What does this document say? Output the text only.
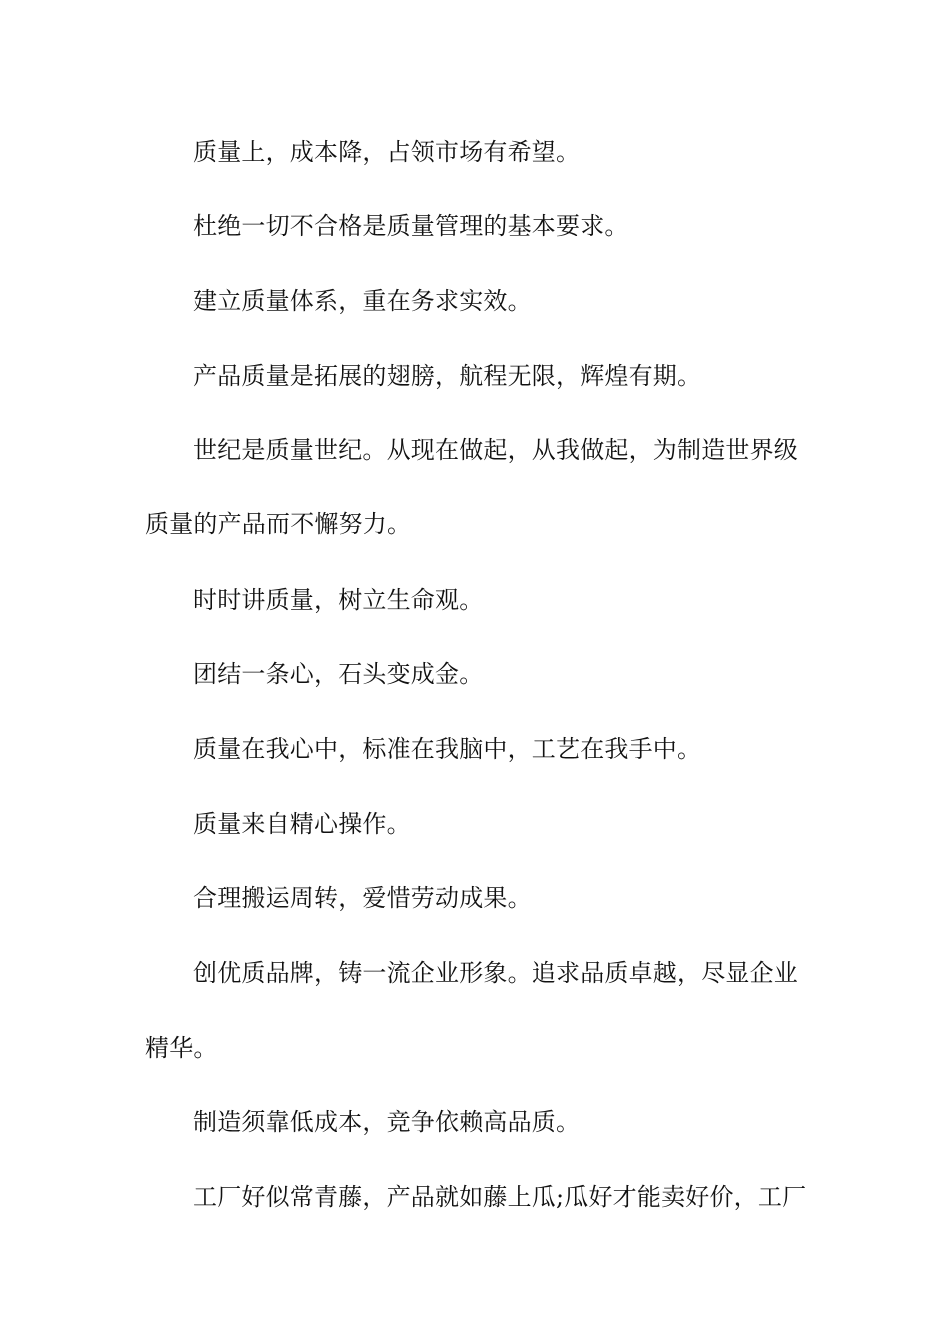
质量上，成本降，占领市场有希望。
杜绝一切不合格是质量管理的基本要求。
建立质量体系，重在务求实效。
产品质量是拓展的翅膀，航程无限，辉煌有期。
世纪是质量世纪。从现在做起，从我做起，为制造世界级
质量的产品而不懈努力。
时时讲质量，树立生命观。
团结一条心，石头变成金。
质量在我心中，标准在我脑中，工艺在我手中。
质量来自精心操作。
合理搬运周转，爱惜劳动成果。
创优质品牌，铸一流企业形象。追求品质卓越，尽显企业
精华。
制造须靠低成本，竞争依赖高品质。
工厂好似常青藤，产品就如藤上瓜;瓜好才能卖好价，工厂
